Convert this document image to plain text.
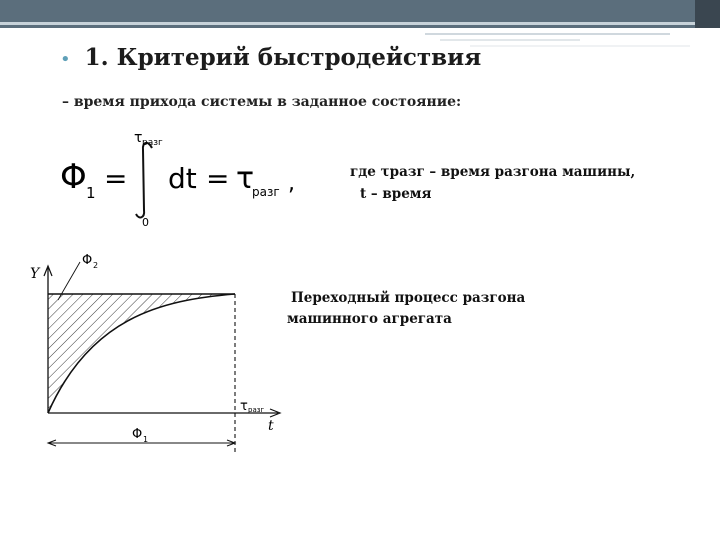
• 1. Критерий быстродействия
– время прихода системы в заданное состояние:
Φ 1 =
τ разг
0
dt = τ
разг ,	где τразг – время разгона машины,
t – время
Y
t
Φ 2
Φ 1
τ разг
Переходный процесс разгона
машинного агрегата
